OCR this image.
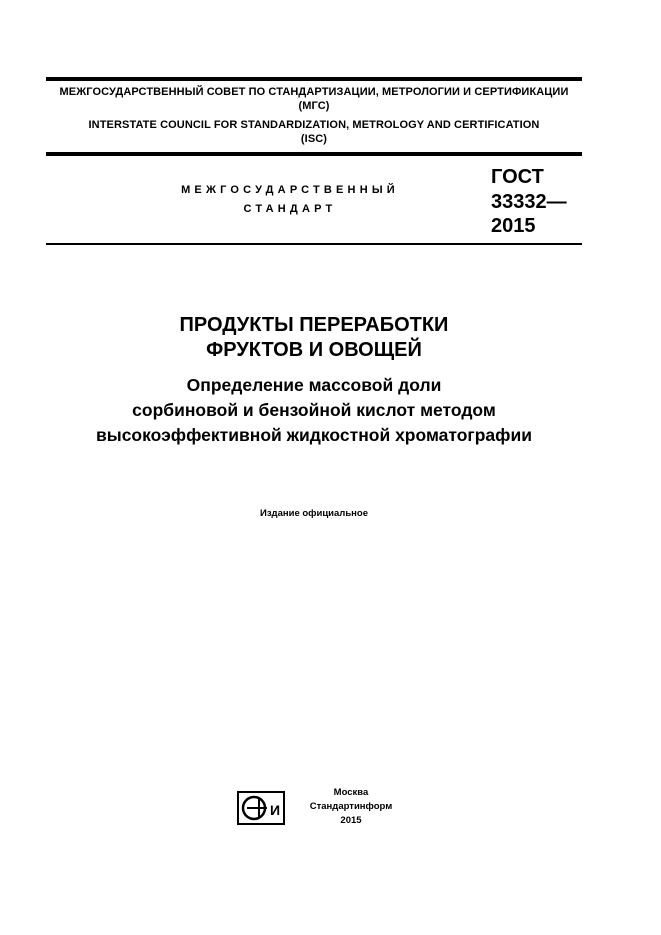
МЕЖГОСУДАРСТВЕННЫЙ СОВЕТ ПО СТАНДАРТИЗАЦИИ, МЕТРОЛОГИИ И СЕРТИФИКАЦИИ
(МГС)
INTERSTATE COUNCIL FOR STANDARDIZATION, METROLOGY AND CERTIFICATION
(ISC)
МЕЖГОСУДАРСТВЕННЫЙ
СТАНДАРТ
ГОСТ
33332—
2015
ПРОДУКТЫ ПЕРЕРАБОТКИ
ФРУКТОВ И ОВОЩЕЙ
Определение массовой доли
сорбиновой и бензойной кислот методом
высокоэффективной жидкостной хроматографии
Издание официальное
И
Москва
Стандартинформ
2015
